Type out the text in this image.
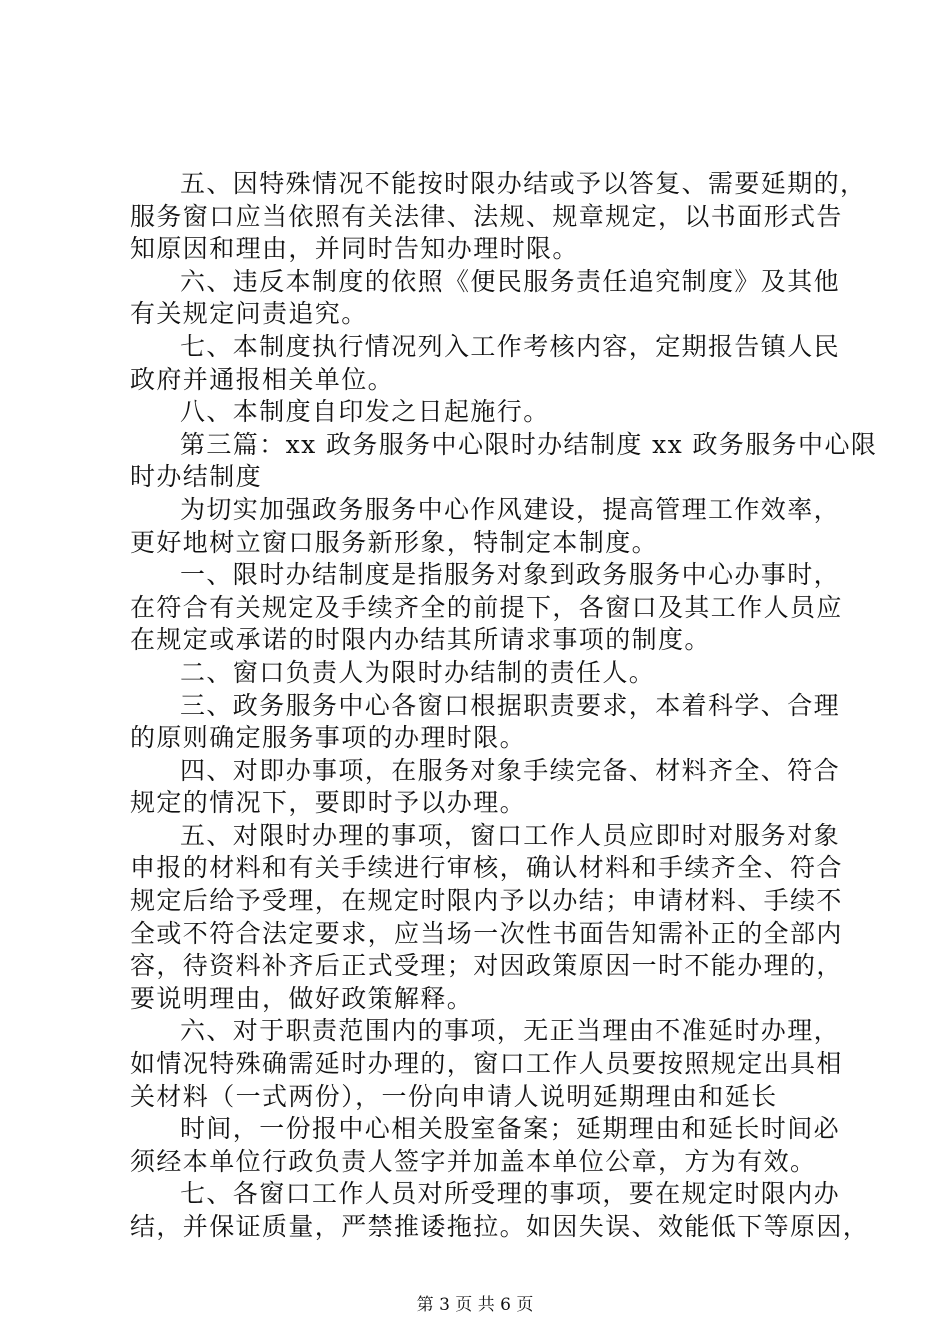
五、因特殊情况不能按时限办结或予以答复、需要延期的，
服务窗口应当依照有关法律、法规、规章规定，以书面形式告
知原因和理由，并同时告知办理时限。
六、违反本制度的依照《便民服务责任追究制度》及其他
有关规定问责追究。
七、本制度执行情况列入工作考核内容，定期报告镇人民
政府并通报相关单位。
八、本制度自印发之日起施行。
第三篇：xx 政务服务中心限时办结制度 xx 政务服务中心限
时办结制度
为切实加强政务服务中心作风建设，提高管理工作效率，
更好地树立窗口服务新形象，特制定本制度。
一、限时办结制度是指服务对象到政务服务中心办事时，
在符合有关规定及手续齐全的前提下，各窗口及其工作人员应
在规定或承诺的时限内办结其所请求事项的制度。
二、窗口负责人为限时办结制的责任人。
三、政务服务中心各窗口根据职责要求，本着科学、合理
的原则确定服务事项的办理时限。
四、对即办事项，在服务对象手续完备、材料齐全、符合
规定的情况下，要即时予以办理。
五、对限时办理的事项，窗口工作人员应即时对服务对象
申报的材料和有关手续进行审核，确认材料和手续齐全、符合
规定后给予受理，在规定时限内予以办结；申请材料、手续不
全或不符合法定要求，应当场一次性书面告知需补正的全部内
容，待资料补齐后正式受理；对因政策原因一时不能办理的，
要说明理由，做好政策解释。
六、对于职责范围内的事项，无正当理由不准延时办理，
如情况特殊确需延时办理的，窗口工作人员要按照规定出具相
关材料（一式两份），一份向申请人说明延期理由和延长
时间，一份报中心相关股室备案；延期理由和延长时间必
须经本单位行政负责人签字并加盖本单位公章，方为有效。
七、各窗口工作人员对所受理的事项，要在规定时限内办
结，并保证质量，严禁推诿拖拉。如因失误、效能低下等原因，
第 3 页 共 6 页
